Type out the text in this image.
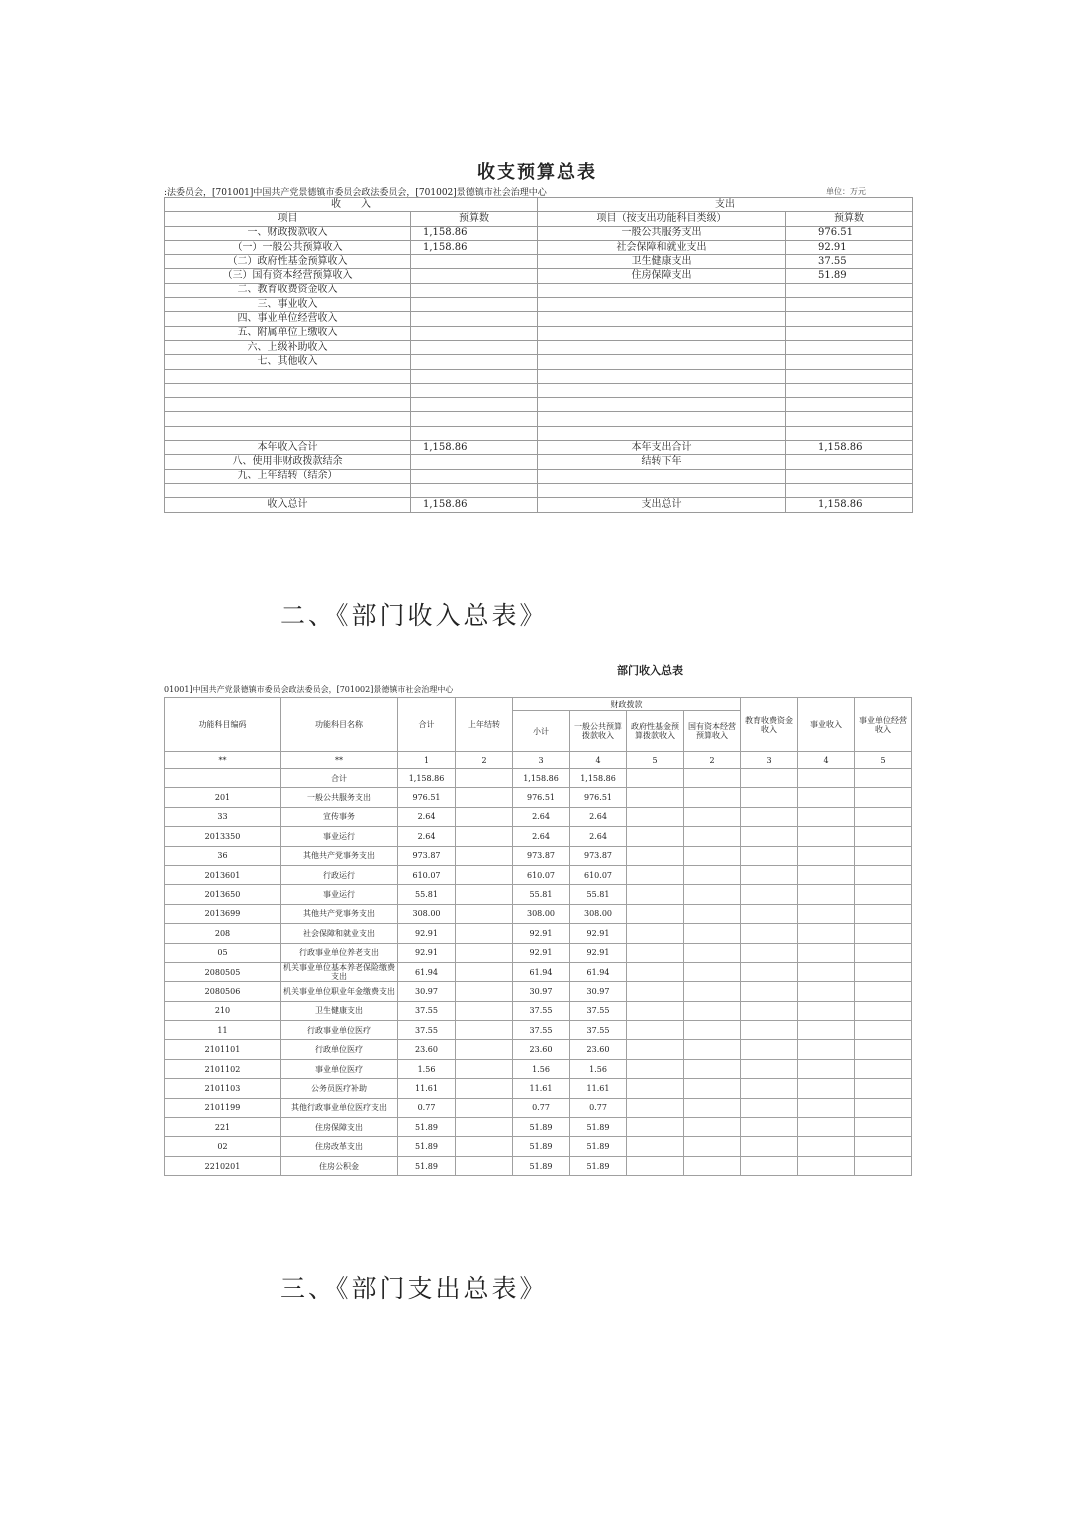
收支预算总表
:法委员会，[701001]中国共产党景德镇市委员会政法委员会，[701002]景德镇市社会治理中心	单位：万元
收　　入		支出	
项目	预算数	项目（按支出功能科目类级）	预算数
一、财政拨款收入	1,158.86	一般公共服务支出	976.51
（一）一般公共预算收入	1,158.86	社会保障和就业支出	92.91
（二）政府性基金预算收入		卫生健康支出	37.55
（三）国有资本经营预算收入		住房保障支出	51.89
二、教育收费资金收入			
三、事业收入			
四、事业单位经营收入			
五、附属单位上缴收入			
六、上级补助收入			
七、其他收入			

本年收入合计	1,158.86	本年支出合计	1,158.86
八、使用非财政拨款结余		结转下年	
九、上年结转（结余）			

收入总计	1,158.86	支出总计	1,158.86
二、《部门收入总表》
部门收入总表
01001]中国共产党景德镇市委员会政法委员会，[701002]景德镇市社会治理中心
功能科目编码	功能科目名称	合计	上年结转	财政拨款				教育收费资金收入	事业收入	事业单位经营收入
				小计	一般公共预算拨款收入	政府性基金预算拨款收入	国有资本经营预算收入			
**	**	1	2	3	4	5	2	3	4	5
	合计	1,158.86		1,158.86	1,158.86					
201	一般公共服务支出	976.51		976.51	976.51					
33	宣传事务	2.64		2.64	2.64					
2013350	事业运行	2.64		2.64	2.64					
36	其他共产党事务支出	973.87		973.87	973.87					
2013601	行政运行	610.07		610.07	610.07					
2013650	事业运行	55.81		55.81	55.81					
2013699	其他共产党事务支出	308.00		308.00	308.00					
208	社会保障和就业支出	92.91		92.91	92.91					
05	行政事业单位养老支出	92.91		92.91	92.91					
2080505	机关事业单位基本养老保险缴费支出	61.94		61.94	61.94					
2080506	机关事业单位职业年金缴费支出	30.97		30.97	30.97					
210	卫生健康支出	37.55		37.55	37.55					
11	行政事业单位医疗	37.55		37.55	37.55					
2101101	行政单位医疗	23.60		23.60	23.60					
2101102	事业单位医疗	1.56		1.56	1.56					
2101103	公务员医疗补助	11.61		11.61	11.61					
2101199	其他行政事业单位医疗支出	0.77		0.77	0.77					
221	住房保障支出	51.89		51.89	51.89					
02	住房改革支出	51.89		51.89	51.89					
2210201	住房公积金	51.89		51.89	51.89					
三、《部门支出总表》
